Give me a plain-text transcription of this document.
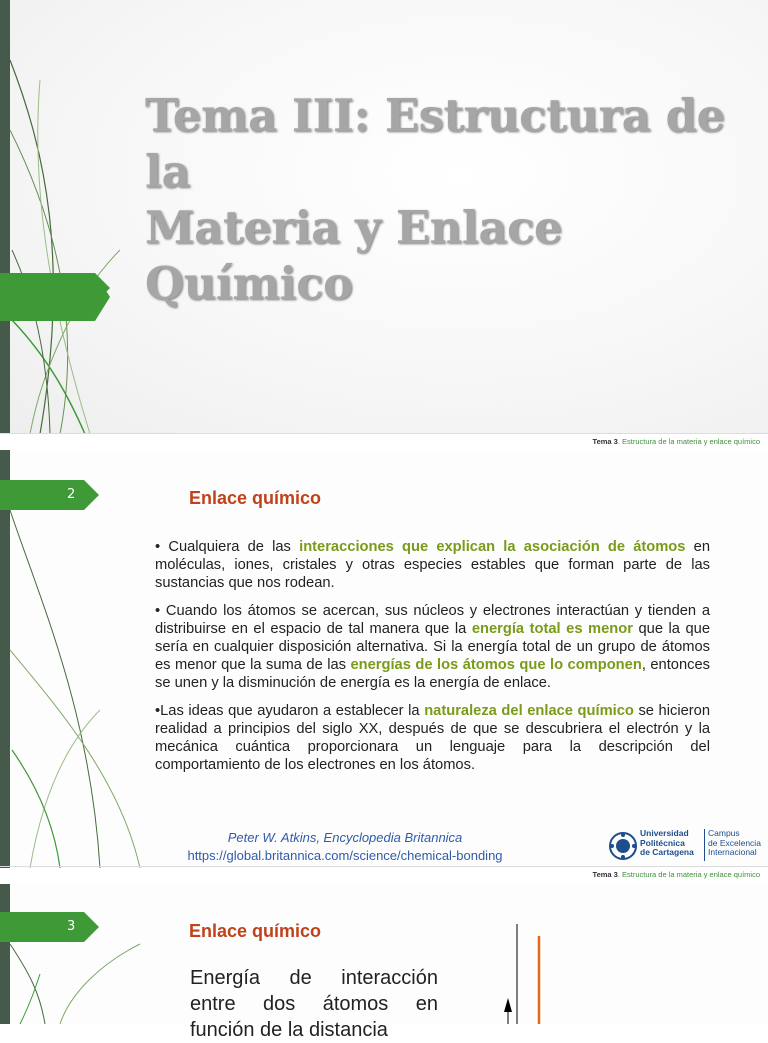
Tema III: Estructura de la
Materia y Enlace Químico
Tema 3. Estructura de la materia y enlace químico
2	Enlace químico

• Cualquiera de las interacciones que explican la asociación de átomos en moléculas, iones, cristales y otras especies estables que forman parte de las sustancias que nos rodean.

• Cuando los átomos se acercan, sus núcleos y electrones interactúan y tienden a distribuirse en el espacio de tal manera que la energía total es menor que la que sería en cualquier disposición alternativa. Si la energía total de un grupo de átomos es menor que la suma de las energías de los átomos que lo componen, entonces se unen y la disminución de energía es la energía de enlace.

•Las ideas que ayudaron a establecer la naturaleza del enlace químico se hicieron realidad a principios del siglo XX, después de que se descubriera el electrón y la mecánica cuántica proporcionara un lenguaje para la descripción del comportamiento de los electrones en los átomos.

Peter W. Atkins, Encyclopedia Britannica
https://global.britannica.com/science/chemical-bonding
Universidad
Politécnica
de Cartagena
Campus
de Excelencia
Internacional
Tema 3. Estructura de la materia y enlace químico
3	Enlace químico
Energía de interacción entre dos átomos en función de la distancia
